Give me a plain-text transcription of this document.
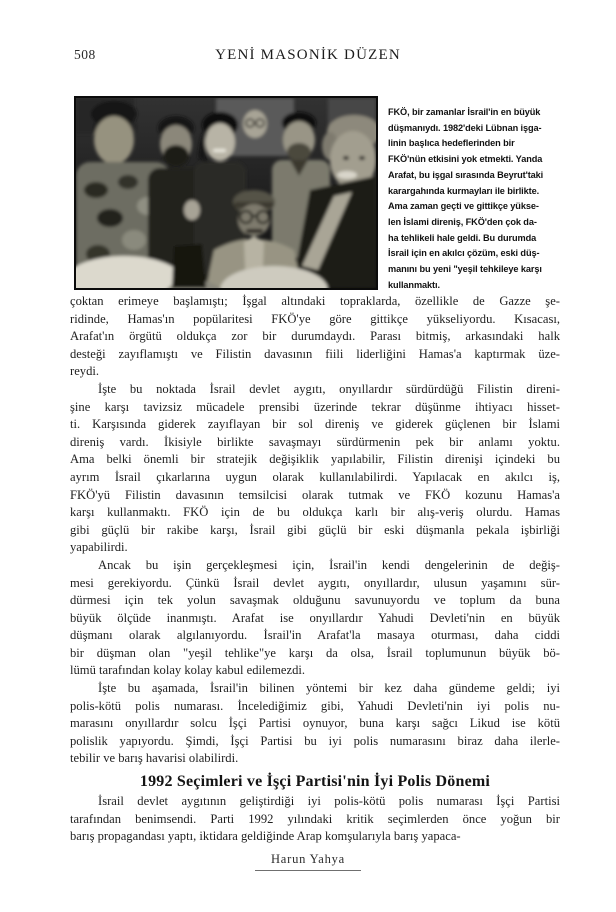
508	YENİ MASONİK DÜZEN
FKÖ, bir zamanlar İsrail'in en büyük
düşmanıydı. 1982'deki Lübnan işga-
linin başlıca hedeflerinden bir
FKÖ'nün etkisini yok etmekti. Yanda
Arafat, bu işgal sırasında Beyrut'taki
karargahında kurmayları ile birlikte.
Ama zaman geçti ve gittikçe yükse-
len İslami direniş, FKÖ'den çok da-
ha tehlikeli hale geldi. Bu durumda
İsrail için en akılcı çözüm, eski düş-
manını bu yeni "yeşil tehkileye karşı
kullanmaktı.
çoktan erimeye başlamıştı; İşgal altındaki topraklarda, özellikle de Gazze şe-
ridinde, Hamas'ın popülaritesi FKÖ'ye göre gittikçe yükseliyordu. Kısacası,
Arafat'ın örgütü oldukça zor bir durumdaydı. Parası bitmiş, arkasındaki halk
desteği zayıflamıştı ve Filistin davasının fiili liderliğini Hamas'a kaptırmak üze-
reydi.
İşte bu noktada İsrail devlet aygıtı, onyıllardır sürdürdüğü Filistin direni-
şine karşı tavizsiz mücadele prensibi üzerinde tekrar düşünme ihtiyacı hisset-
ti. Karşısında giderek zayıflayan bir sol direniş ve giderek güçlenen bir İslami
direniş vardı. İkisiyle birlikte savaşmayı sürdürmenin pek bir anlamı yoktu.
Ama belki önemli bir stratejik değişiklik yapılabilir, Filistin direnişi içindeki bu
ayrım İsrail çıkarlarına uygun olarak kullanılabilirdi. Yapılacak en akılcı iş,
FKÖ'yü Filistin davasının temsilcisi olarak tutmak ve FKÖ kozunu Hamas'a
karşı kullanmaktı. FKÖ için de bu oldukça karlı bir alış-veriş olurdu. Hamas
gibi güçlü bir rakibe karşı, İsrail gibi güçlü bir eski düşmanla pekala işbirliği
yapabilirdi.
Ancak bu işin gerçekleşmesi için, İsrail'in kendi dengelerinin de değiş-
mesi gerekiyordu. Çünkü İsrail devlet aygıtı, onyıllardır, ulusun yaşamını sür-
dürmesi için tek yolun savaşmak olduğunu savunuyordu ve toplum da buna
büyük ölçüde inanmıştı. Arafat ise onyıllardır Yahudi Devleti'nin en büyük
düşmanı olarak algılanıyordu. İsrail'in Arafat'la masaya oturması, daha ciddi
bir düşman olan "yeşil tehlike"ye karşı da olsa, İsrail toplumunun büyük bö-
lümü tarafından kolay kolay kabul edilemezdi.
İşte bu aşamada, İsrail'in bilinen yöntemi bir kez daha gündeme geldi; iyi
polis-kötü polis numarası. İncelediğimiz gibi, Yahudi Devleti'nin iyi polis nu-
marasını onyıllardır solcu İşçi Partisi oynuyor, buna karşı sağcı Likud ise kötü
polislik yapıyordu. Şimdi, İşçi Partisi bu iyi polis numarasını biraz daha ilerle-
tebilir ve barış havarisi olabilirdi.
1992 Seçimleri ve İşçi Partisi'nin İyi Polis Dönemi
İsrail devlet aygıtının geliştirdiği iyi polis-kötü polis numarası İşçi Partisi
tarafından benimsendi. Parti 1992 yılındaki kritik seçimlerden önce yoğun bir
barış propagandası yaptı, iktidara geldiğinde Arap komşularıyla barış yapaca-
Harun Yahya
